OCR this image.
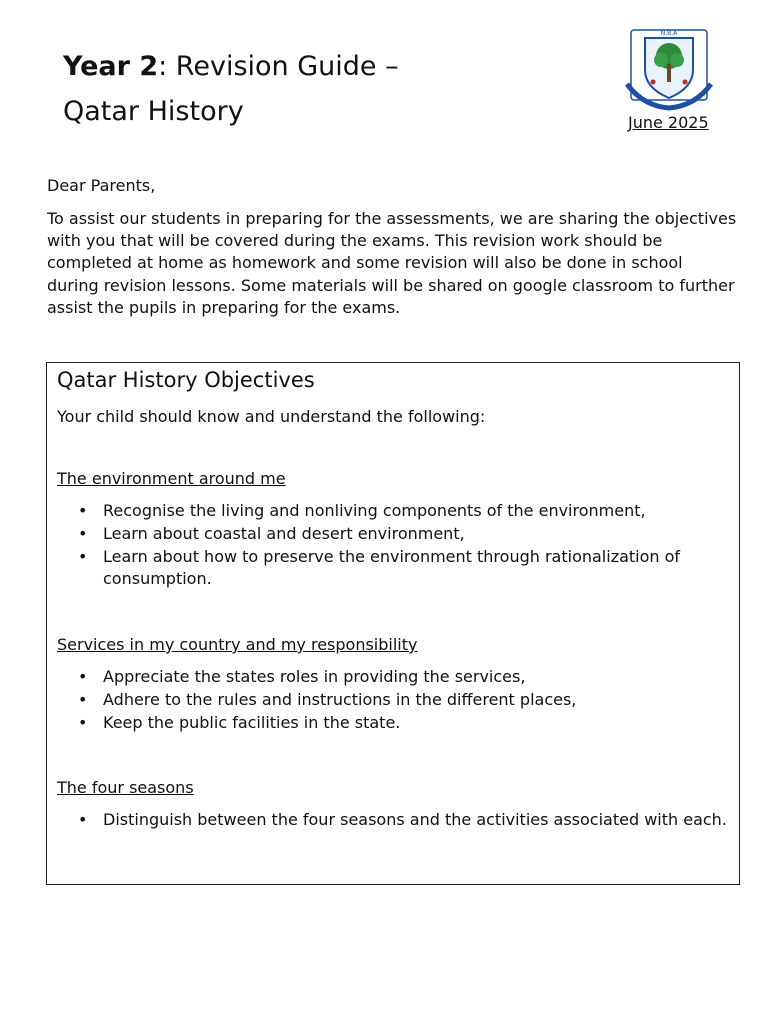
Year 2: Revision Guide –

Qatar History

N.B.A
June 2025

Dear Parents,

To assist our students in preparing for the assessments, we are sharing the objectives with you that will be covered during the exams. This revision work should be completed at home as homework and some revision will also be done in school during revision lessons. Some materials will be shared on google classroom to further assist the pupils in preparing for the exams.

Qatar History Objectives

Your child should know and understand the following:

The environment around me

• Recognise the living and nonliving components of the environment,
• Learn about coastal and desert environment,
• Learn about how to preserve the environment through rationalization of consumption.

Services in my country and my responsibility

• Appreciate the states roles in providing the services,
• Adhere to the rules and instructions in the different places,
• Keep the public facilities in the state.

The four seasons

• Distinguish between the four seasons and the activities associated with each.
